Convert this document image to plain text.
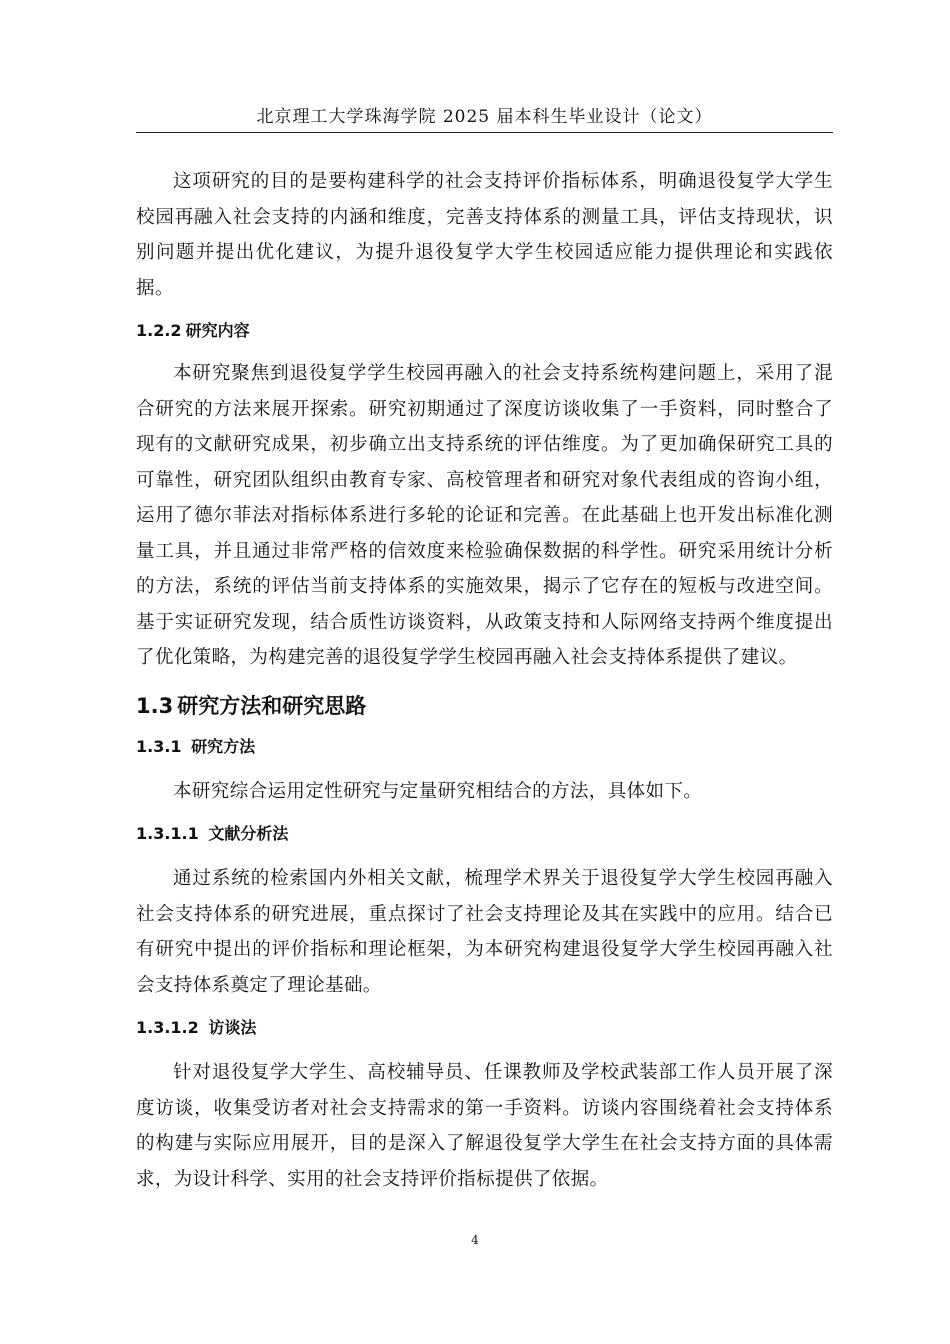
北京理工大学珠海学院 2025 届本科生毕业设计（论文）

这项研究的目的是要构建科学的社会支持评价指标体系，明确退役复学大学生校园再融入社会支持的内涵和维度，完善支持体系的测量工具，评估支持现状，识别问题并提出优化建议，为提升退役复学大学生校园适应能力提供理论和实践依据。

1.2.2 研究内容

本研究聚焦到退役复学学生校园再融入的社会支持系统构建问题上，采用了混合研究的方法来展开探索。研究初期通过了深度访谈收集了一手资料，同时整合了现有的文献研究成果，初步确立出支持系统的评估维度。为了更加确保研究工具的可靠性，研究团队组织由教育专家、高校管理者和研究对象代表组成的咨询小组，运用了德尔菲法对指标体系进行多轮的论证和完善。在此基础上也开发出标准化测量工具，并且通过非常严格的信效度来检验确保数据的科学性。研究采用统计分析的方法，系统的评估当前支持体系的实施效果，揭示了它存在的短板与改进空间。基于实证研究发现，结合质性访谈资料，从政策支持和人际网络支持两个维度提出了优化策略，为构建完善的退役复学学生校园再融入社会支持体系提供了建议。

1.3 研究方法和研究思路
1.3.1 研究方法

本研究综合运用定性研究与定量研究相结合的方法，具体如下。

1.3.1.1 文献分析法

通过系统的检索国内外相关文献，梳理学术界关于退役复学大学生校园再融入社会支持体系的研究进展，重点探讨了社会支持理论及其在实践中的应用。结合已有研究中提出的评价指标和理论框架，为本研究构建退役复学大学生校园再融入社会支持体系奠定了理论基础。

1.3.1.2 访谈法

针对退役复学大学生、高校辅导员、任课教师及学校武装部工作人员开展了深度访谈，收集受访者对社会支持需求的第一手资料。访谈内容围绕着社会支持体系的构建与实际应用展开，目的是深入了解退役复学大学生在社会支持方面的具体需求，为设计科学、实用的社会支持评价指标提供了依据。

4
